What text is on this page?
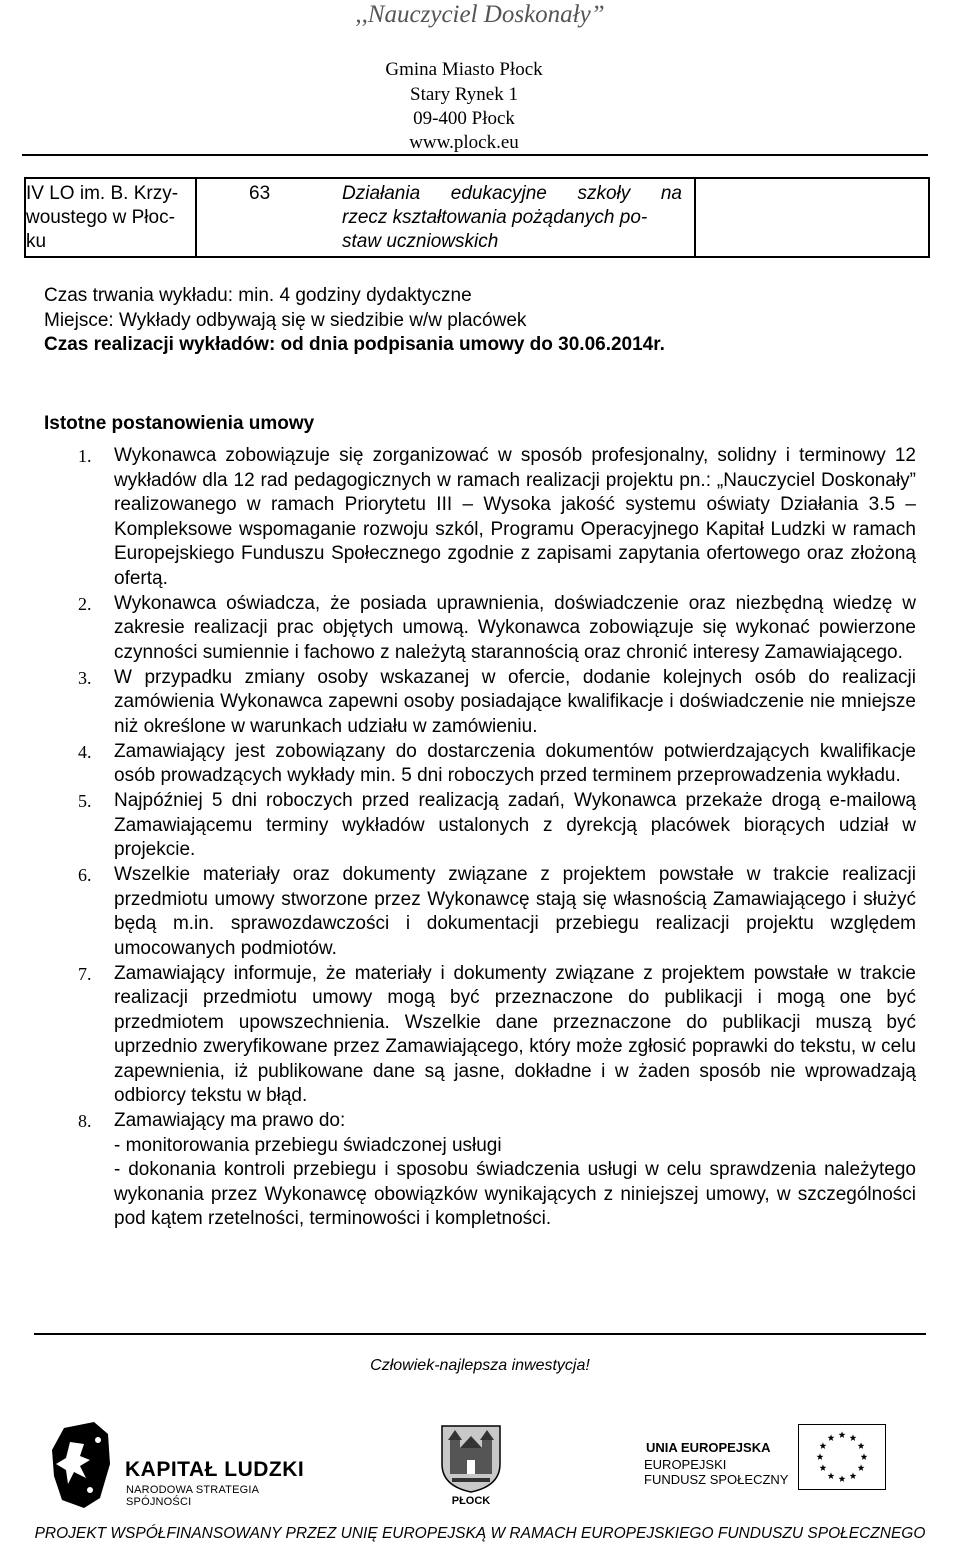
,,Nauczyciel Doskonały”
Gmina Miasto Płock
Stary Rynek 1
09-400 Płock
www.plock.eu
IV LO im. B. Krzy-
woustego w Płoc-
ku
63	Działania edukacyjne szkoły na
rzecz kształtowania pożądanych po-
staw uczniowskich
Czas trwania wykładu: min. 4 godziny dydaktyczne
Miejsce: Wykłady odbywają się w siedzibie w/w placówek
Czas realizacji wykładów: od dnia podpisania umowy do 30.06.2014r.
Istotne postanowienia umowy
1. Wykonawca zobowiązuje się zorganizować w sposób profesjonalny, solidny i terminowy 12 wykładów dla 12 rad pedagogicznych w ramach realizacji projektu pn.: „Nauczyciel Doskonały” realizowanego w ramach Priorytetu III – Wysoka jakość systemu oświaty Działania 3.5 – Kompleksowe wspomaganie rozwoju szkól, Programu Operacyjnego Kapitał Ludzki w ramach Europejskiego Funduszu Społecznego zgodnie z zapisami zapytania ofertowego oraz złożoną ofertą.
2. Wykonawca oświadcza, że posiada uprawnienia, doświadczenie oraz niezbędną wiedzę w zakresie realizacji prac objętych umową. Wykonawca zobowiązuje się wykonać powierzone czynności sumiennie i fachowo z należytą starannością oraz chronić interesy Zamawiającego.
3. W przypadku zmiany osoby wskazanej w ofercie, dodanie kolejnych osób do realizacji zamówienia Wykonawca zapewni osoby posiadające kwalifikacje i doświadczenie nie mniejsze niż określone w warunkach udziału w zamówieniu.
4. Zamawiający jest zobowiązany do dostarczenia dokumentów potwierdzających kwalifikacje osób prowadzących wykłady min. 5 dni roboczych przed terminem przeprowadzenia wykładu.
5. Najpóźniej 5 dni roboczych przed realizacją zadań, Wykonawca przekaże drogą e-mailową Zamawiającemu terminy wykładów ustalonych z dyrekcją placówek biorących udział w projekcie.
6. Wszelkie materiały oraz dokumenty związane z projektem powstałe w trakcie realizacji przedmiotu umowy stworzone przez Wykonawcę stają się własnością Zamawiającego i służyć będą m.in. sprawozdawczości i dokumentacji przebiegu realizacji projektu względem umocowanych podmiotów.
7. Zamawiający informuje, że materiały i dokumenty związane z projektem powstałe w trakcie realizacji przedmiotu umowy mogą być przeznaczone do publikacji i mogą one być przedmiotem upowszechnienia. Wszelkie dane przeznaczone do publikacji muszą być uprzednio zweryfikowane przez Zamawiającego, który może zgłosić poprawki do tekstu, w celu zapewnienia, iż publikowane dane są jasne, dokładne i w żaden sposób nie wprowadzają odbiorcy tekstu w błąd.
8. Zamawiający ma prawo do:
- monitorowania przebiegu świadczonej usługi
- dokonania kontroli przebiegu i sposobu świadczenia usługi w celu sprawdzenia należytego wykonania przez Wykonawcę obowiązków wynikających z niniejszej umowy, w szczególności pod kątem rzetelności, terminowości i kompletności.
Człowiek-najlepsza inwestycja!
KAPITAŁ LUDZKI
NARODOWA STRATEGIA SPÓJNOŚCI	PŁOCK
UNIA EUROPEJSKA
EUROPEJSKI
FUNDUSZ SPOŁECZNY
PROJEKT WSPÓŁFINANSOWANY PRZEZ UNIĘ EUROPEJSKĄ W RAMACH EUROPEJSKIEGO FUNDUSZU SPOŁECZNEGO
